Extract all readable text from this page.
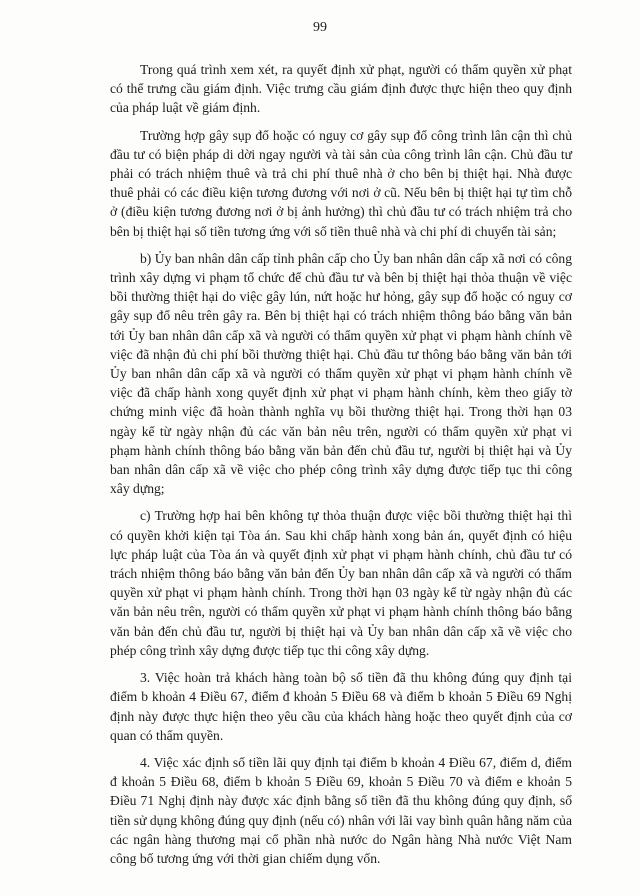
99

Trong quá trình xem xét, ra quyết định xử phạt, người có thẩm quyền xử phạt có thể trưng cầu giám định. Việc trưng cầu giám định được thực hiện theo quy định của pháp luật về giám định.

Trường hợp gây sụp đổ hoặc có nguy cơ gây sụp đổ công trình lân cận thì chủ đầu tư có biện pháp di dời ngay người và tài sản của công trình lân cận. Chủ đầu tư phải có trách nhiệm thuê và trả chi phí thuê nhà ở cho bên bị thiệt hại. Nhà được thuê phải có các điều kiện tương đương với nơi ở cũ. Nếu bên bị thiệt hại tự tìm chỗ ở (điều kiện tương đương nơi ở bị ảnh hưởng) thì chủ đầu tư có trách nhiệm trả cho bên bị thiệt hại số tiền tương ứng với số tiền thuê nhà và chi phí di chuyển tài sản;

b) Ủy ban nhân dân cấp tỉnh phân cấp cho Ủy ban nhân dân cấp xã nơi có công trình xây dựng vi phạm tổ chức để chủ đầu tư và bên bị thiệt hại thỏa thuận về việc bồi thường thiệt hại do việc gây lún, nứt hoặc hư hỏng, gây sụp đổ hoặc có nguy cơ gây sụp đổ nêu trên gây ra. Bên bị thiệt hại có trách nhiệm thông báo bằng văn bản tới Ủy ban nhân dân cấp xã và người có thẩm quyền xử phạt vi phạm hành chính về việc đã nhận đủ chi phí bồi thường thiệt hại. Chủ đầu tư thông báo bằng văn bản tới Ủy ban nhân dân cấp xã và người có thẩm quyền xử phạt vi phạm hành chính về việc đã chấp hành xong quyết định xử phạt vi phạm hành chính, kèm theo giấy tờ chứng minh việc đã hoàn thành nghĩa vụ bồi thường thiệt hại. Trong thời hạn 03 ngày kể từ ngày nhận đủ các văn bản nêu trên, người có thẩm quyền xử phạt vi phạm hành chính thông báo bằng văn bản đến chủ đầu tư, người bị thiệt hại và Ủy ban nhân dân cấp xã về việc cho phép công trình xây dựng được tiếp tục thi công xây dựng;

c) Trường hợp hai bên không tự thỏa thuận được việc bồi thường thiệt hại thì có quyền khởi kiện tại Tòa án. Sau khi chấp hành xong bản án, quyết định có hiệu lực pháp luật của Tòa án và quyết định xử phạt vi phạm hành chính, chủ đầu tư có trách nhiệm thông báo bằng văn bản đến Ủy ban nhân dân cấp xã và người có thẩm quyền xử phạt vi phạm hành chính. Trong thời hạn 03 ngày kể từ ngày nhận đủ các văn bản nêu trên, người có thẩm quyền xử phạt vi phạm hành chính thông báo bằng văn bản đến chủ đầu tư, người bị thiệt hại và Ủy ban nhân dân cấp xã về việc cho phép công trình xây dựng được tiếp tục thi công xây dựng.

3. Việc hoàn trả khách hàng toàn bộ số tiền đã thu không đúng quy định tại điểm b khoản 4 Điều 67, điểm đ khoản 5 Điều 68 và điểm b khoản 5 Điều 69 Nghị định này được thực hiện theo yêu cầu của khách hàng hoặc theo quyết định của cơ quan có thẩm quyền.

4. Việc xác định số tiền lãi quy định tại điểm b khoản 4 Điều 67, điểm d, điểm đ khoản 5 Điều 68, điểm b khoản 5 Điều 69, khoản 5 Điều 70 và điểm e khoản 5 Điều 71 Nghị định này được xác định bằng số tiền đã thu không đúng quy định, số tiền sử dụng không đúng quy định (nếu có) nhân với lãi vay bình quân hằng năm của các ngân hàng thương mại cổ phần nhà nước do Ngân hàng Nhà nước Việt Nam công bố tương ứng với thời gian chiếm dụng vốn.
